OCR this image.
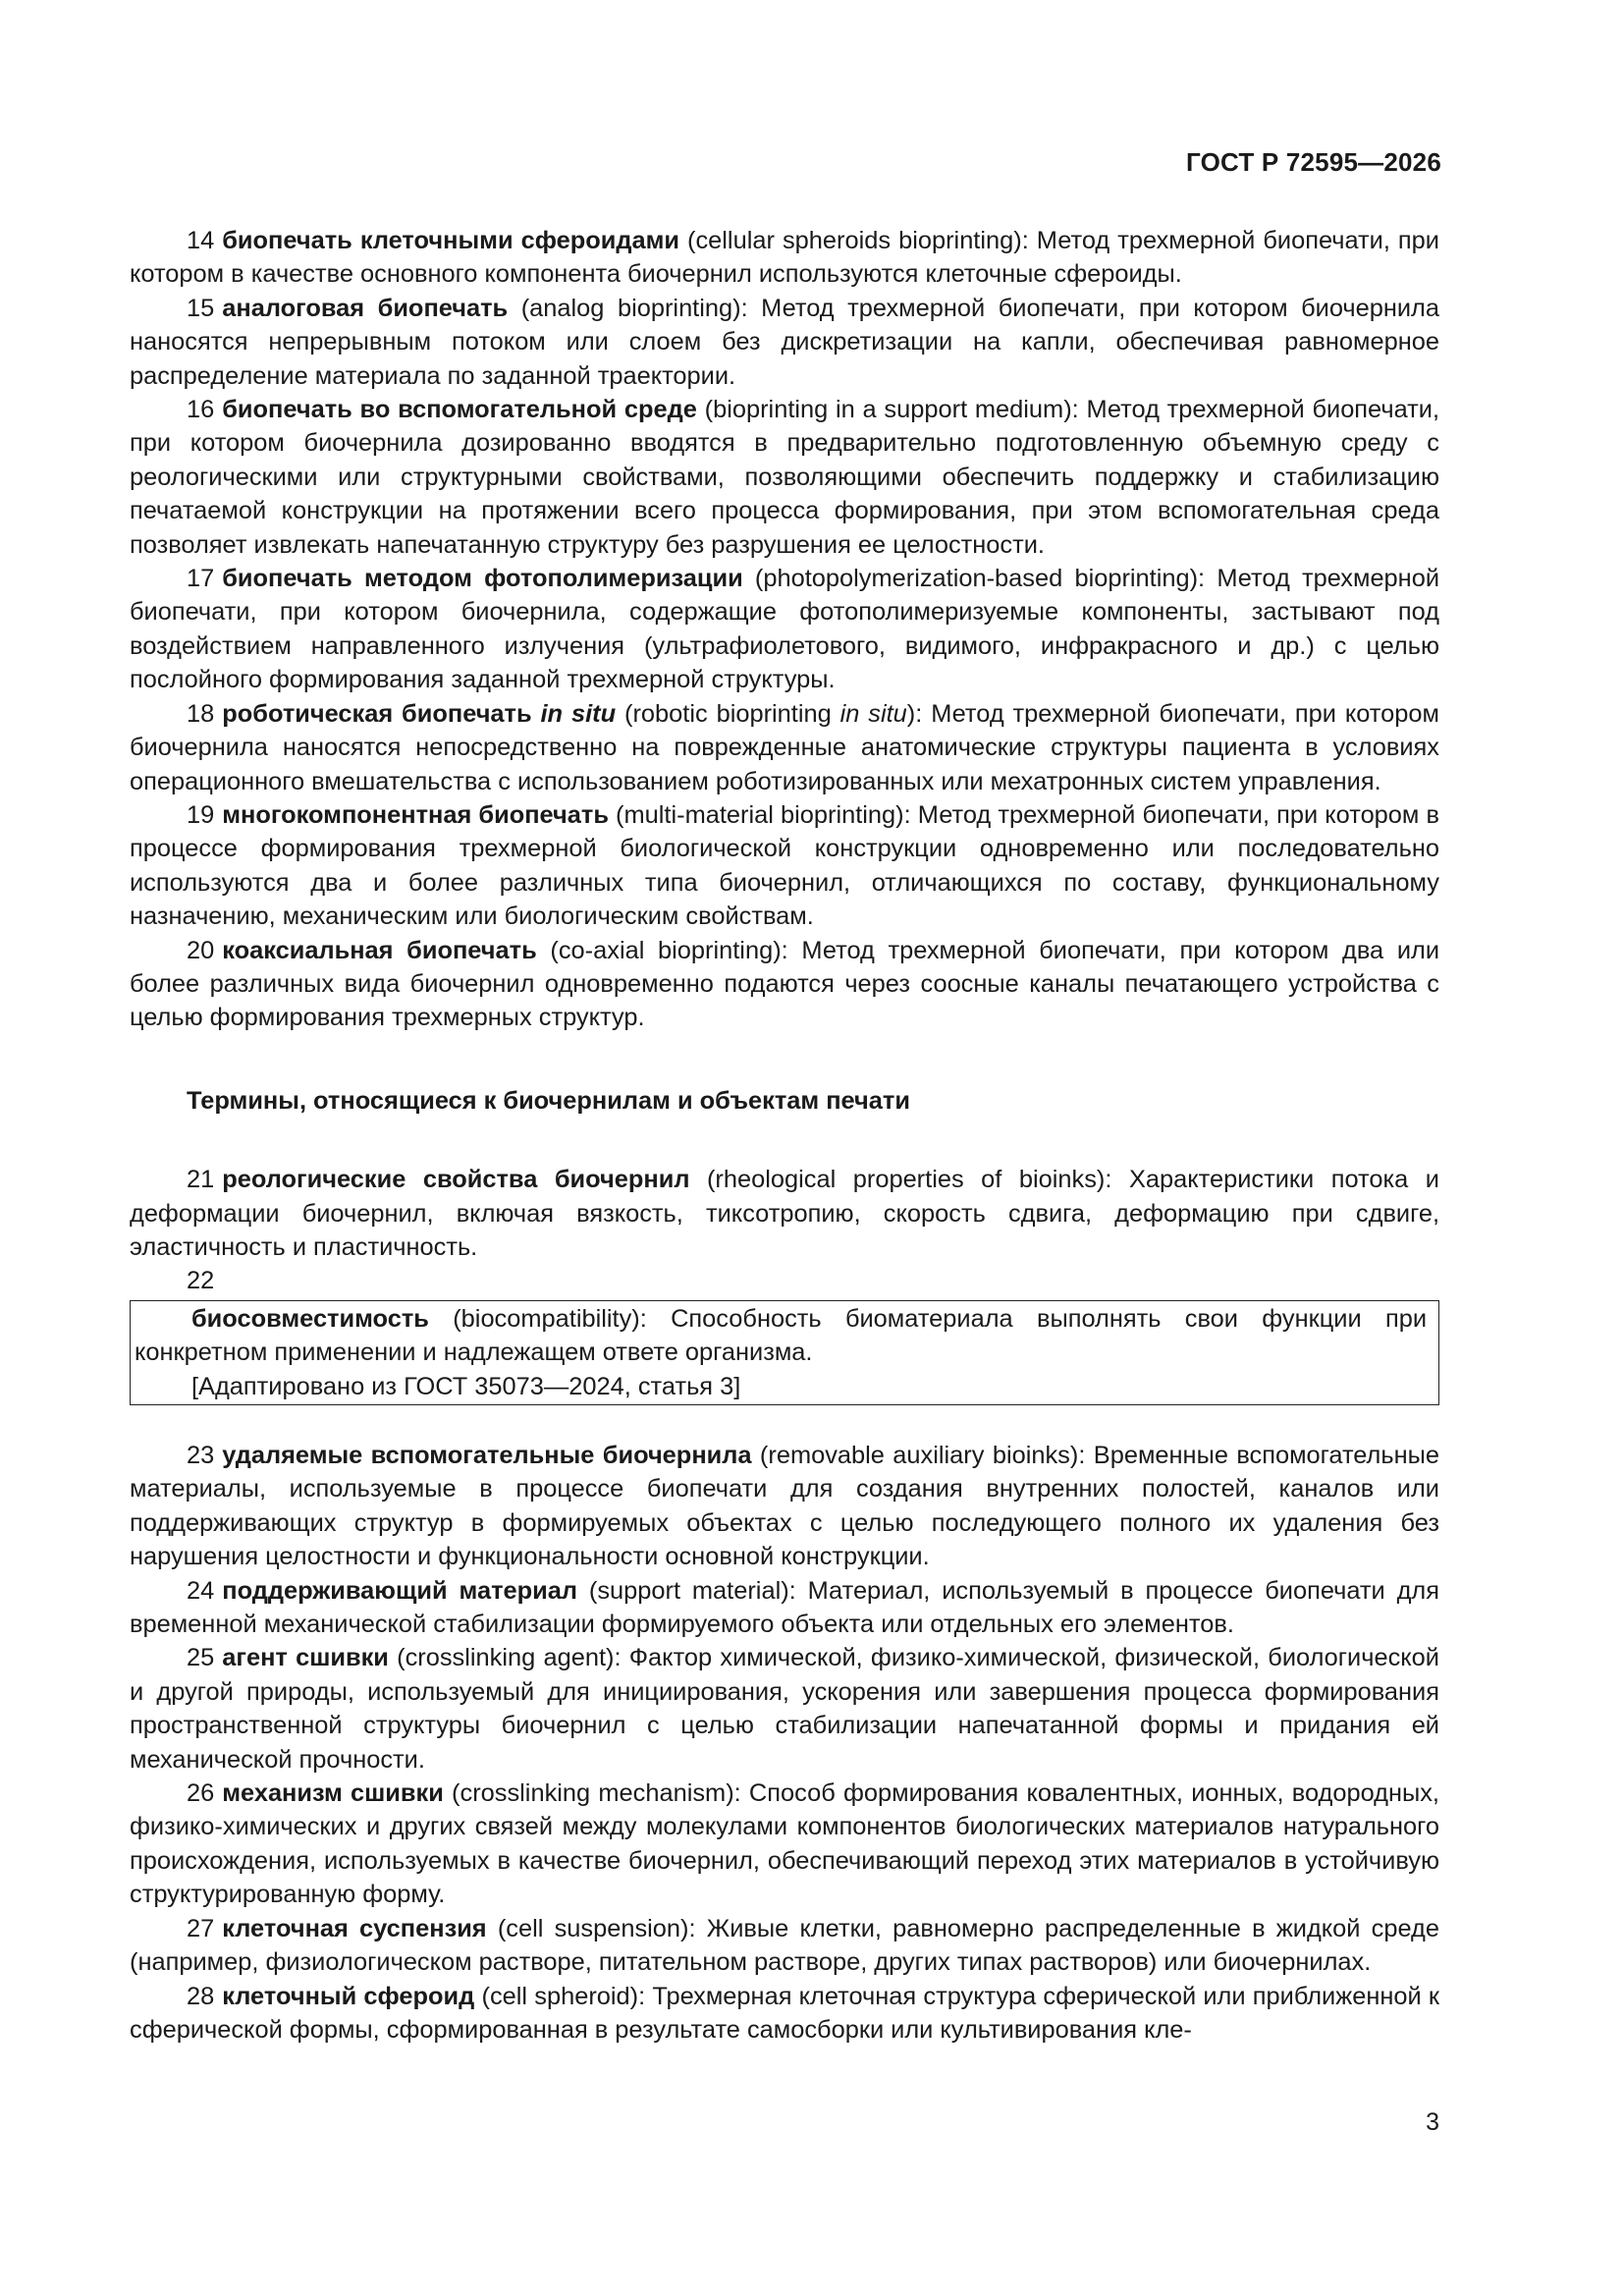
ГОСТ Р 72595—2026

14 биопечать клеточными сфероидами (cellular spheroids bioprinting): Метод трехмерной биопечати, при котором в качестве основного компонента биочернил используются клеточные сфероиды.

15 аналоговая биопечать (analog bioprinting): Метод трехмерной биопечати, при котором биочернила наносятся непрерывным потоком или слоем без дискретизации на капли, обеспечивая равномерное распределение материала по заданной траектории.

16 биопечать во вспомогательной среде (bioprinting in a support medium): Метод трехмерной биопечати, при котором биочернила дозированно вводятся в предварительно подготовленную объемную среду с реологическими или структурными свойствами, позволяющими обеспечить поддержку и стабилизацию печатаемой конструкции на протяжении всего процесса формирования, при этом вспомогательная среда позволяет извлекать напечатанную структуру без разрушения ее целостности.

17 биопечать методом фотополимеризации (photopolymerization-based bioprinting): Метод трехмерной биопечати, при котором биочернила, содержащие фотополимеризуемые компоненты, застывают под воздействием направленного излучения (ультрафиолетового, видимого, инфракрасного и др.) с целью послойного формирования заданной трехмерной структуры.

18 роботическая биопечать in situ (robotic bioprinting in situ): Метод трехмерной биопечати, при котором биочернила наносятся непосредственно на поврежденные анатомические структуры пациента в условиях операционного вмешательства с использованием роботизированных или мехатронных систем управления.

19 многокомпонентная биопечать (multi-material bioprinting): Метод трехмерной биопечати, при котором в процессе формирования трехмерной биологической конструкции одновременно или последовательно используются два и более различных типа биочернил, отличающихся по составу, функциональному назначению, механическим или биологическим свойствам.

20 коаксиальная биопечать (co-axial bioprinting): Метод трехмерной биопечати, при котором два или более различных вида биочернил одновременно подаются через соосные каналы печатающего устройства с целью формирования трехмерных структур.

Термины, относящиеся к биочернилам и объектам печати

21 реологические свойства биочернил (rheological properties of bioinks): Характеристики потока и деформации биочернил, включая вязкость, тиксотропию, скорость сдвига, деформацию при сдвиге, эластичность и пластичность.

22

биосовместимость (biocompatibility): Способность биоматериала выполнять свои функции при конкретном применении и надлежащем ответе организма.

[Адаптировано из ГОСТ 35073—2024, статья 3]

23 удаляемые вспомогательные биочернила (removable auxiliary bioinks): Временные вспомогательные материалы, используемые в процессе биопечати для создания внутренних полостей, каналов или поддерживающих структур в формируемых объектах с целью последующего полного их удаления без нарушения целостности и функциональности основной конструкции.

24 поддерживающий материал (support material): Материал, используемый в процессе биопечати для временной механической стабилизации формируемого объекта или отдельных его элементов.

25 агент сшивки (crosslinking agent): Фактор химической, физико-химической, физической, биологической и другой природы, используемый для инициирования, ускорения или завершения процесса формирования пространственной структуры биочернил с целью стабилизации напечатанной формы и придания ей механической прочности.

26 механизм сшивки (crosslinking mechanism): Способ формирования ковалентных, ионных, водородных, физико-химических и других связей между молекулами компонентов биологических материалов натурального происхождения, используемых в качестве биочернил, обеспечивающий переход этих материалов в устойчивую структурированную форму.

27 клеточная суспензия (cell suspension): Живые клетки, равномерно распределенные в жидкой среде (например, физиологическом растворе, питательном растворе, других типах растворов) или биочернилах.

28 клеточный сфероид (cell spheroid): Трехмерная клеточная структура сферической или приближенной к сферической формы, сформированная в результате самосборки или культивирования кле-

3
